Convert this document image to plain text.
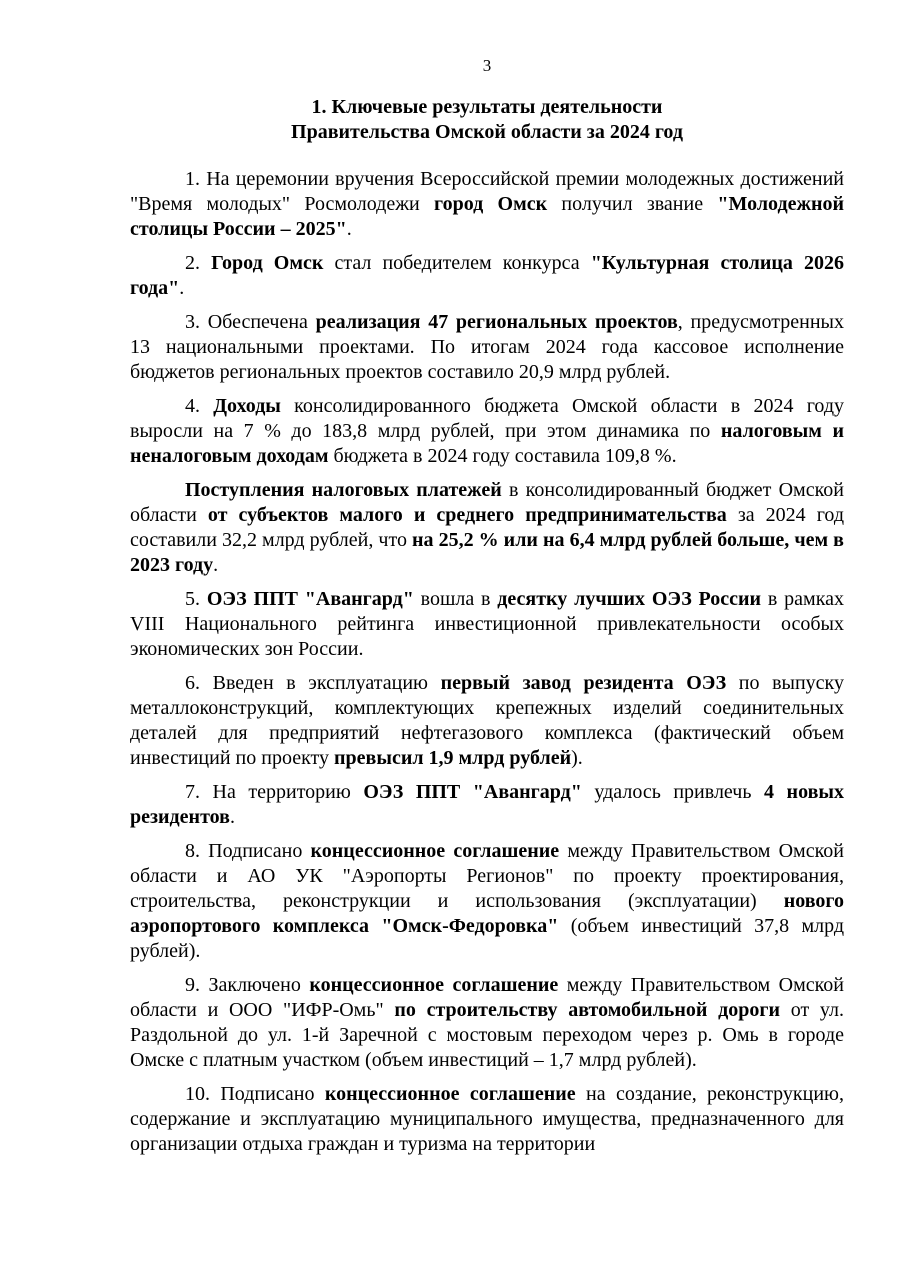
3
1. Ключевые результаты деятельности
Правительства Омской области за 2024 год

1. На церемонии вручения Всероссийской премии молодежных достижений "Время молодых" Росмолодежи город Омск получил звание "Молодежной столицы России – 2025".

2. Город Омск стал победителем конкурса "Культурная столица 2026 года".

3. Обеспечена реализация 47 региональных проектов, предусмотренных 13 национальными проектами. По итогам 2024 года кассовое исполнение бюджетов региональных проектов составило 20,9 млрд рублей.

4. Доходы консолидированного бюджета Омской области в 2024 году выросли на 7 % до 183,8 млрд рублей, при этом динамика по налоговым и неналоговым доходам бюджета в 2024 году составила 109,8 %.

Поступления налоговых платежей в консолидированный бюджет Омской области от субъектов малого и среднего предпринимательства за 2024 год составили 32,2 млрд рублей, что на 25,2 % или на 6,4 млрд рублей больше, чем в 2023 году.

5. ОЭЗ ППТ "Авангард" вошла в десятку лучших ОЭЗ России в рамках VIII Национального рейтинга инвестиционной привлекательности особых экономических зон России.

6. Введен в эксплуатацию первый завод резидента ОЭЗ по выпуску металлоконструкций, комплектующих крепежных изделий соединительных деталей для предприятий нефтегазового комплекса (фактический объем инвестиций по проекту превысил 1,9 млрд рублей).

7. На территорию ОЭЗ ППТ "Авангард" удалось привлечь 4 новых резидентов.

8. Подписано концессионное соглашение между Правительством Омской области и АО УК "Аэропорты Регионов" по проекту проектирования, строительства, реконструкции и использования (эксплуатации) нового аэропортового комплекса "Омск-Федоровка" (объем инвестиций 37,8 млрд рублей).

9. Заключено концессионное соглашение между Правительством Омской области и ООО "ИФР-Омь" по строительству автомобильной дороги от ул. Раздольной до ул. 1-й Заречной с мостовым переходом через р. Омь в городе Омске с платным участком (объем инвестиций – 1,7 млрд рублей).

10. Подписано концессионное соглашение на создание, реконструкцию, содержание и эксплуатацию муниципального имущества, предназначенного для организации отдыха граждан и туризма на территории
